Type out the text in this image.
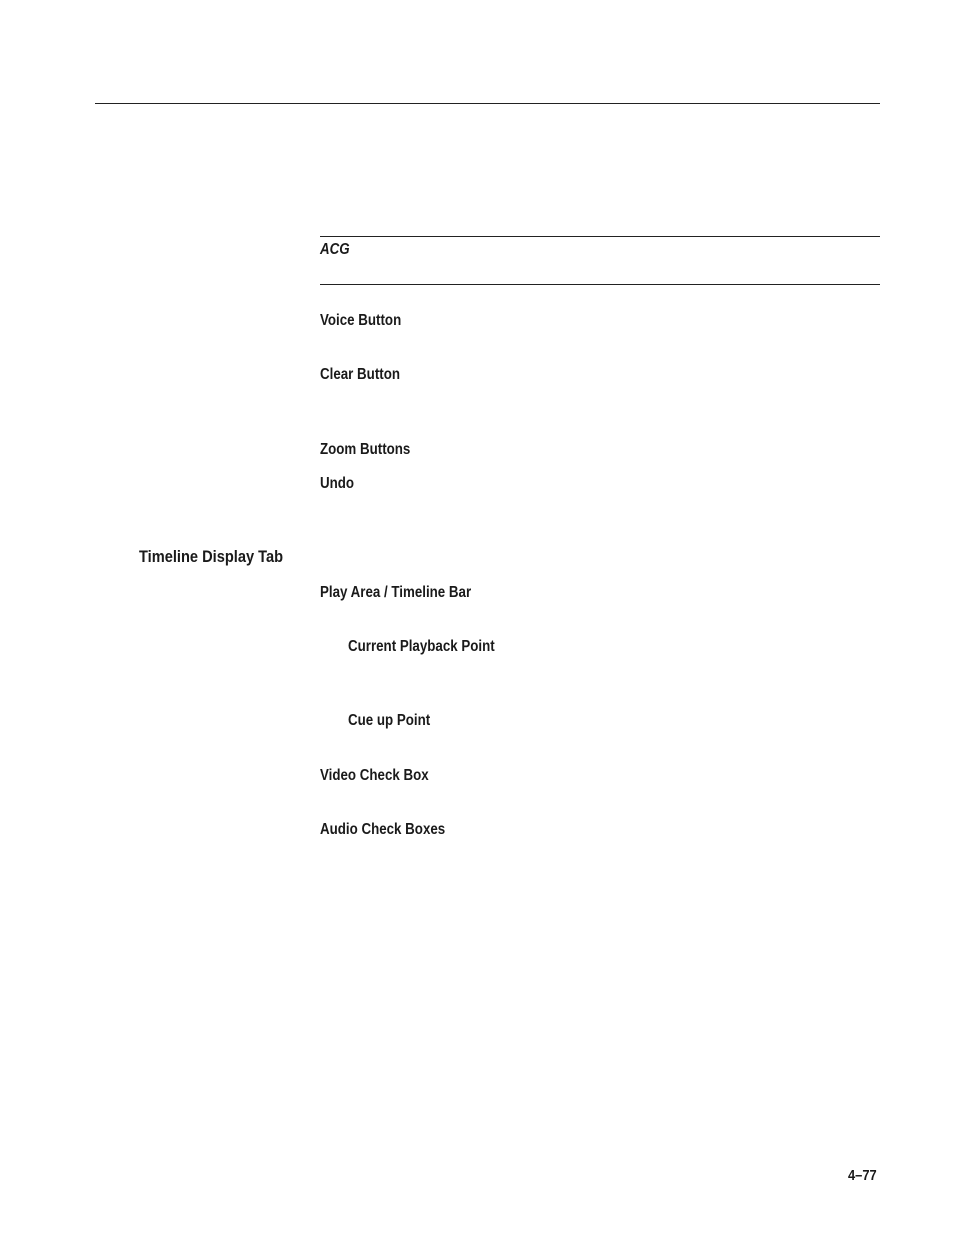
ACG
Voice Button
Clear Button
Zoom Buttons
Undo
Timeline Display Tab
Play Area / Timeline Bar
Current Playback Point
Cue up Point
Video Check Box
Audio Check Boxes
4–77
